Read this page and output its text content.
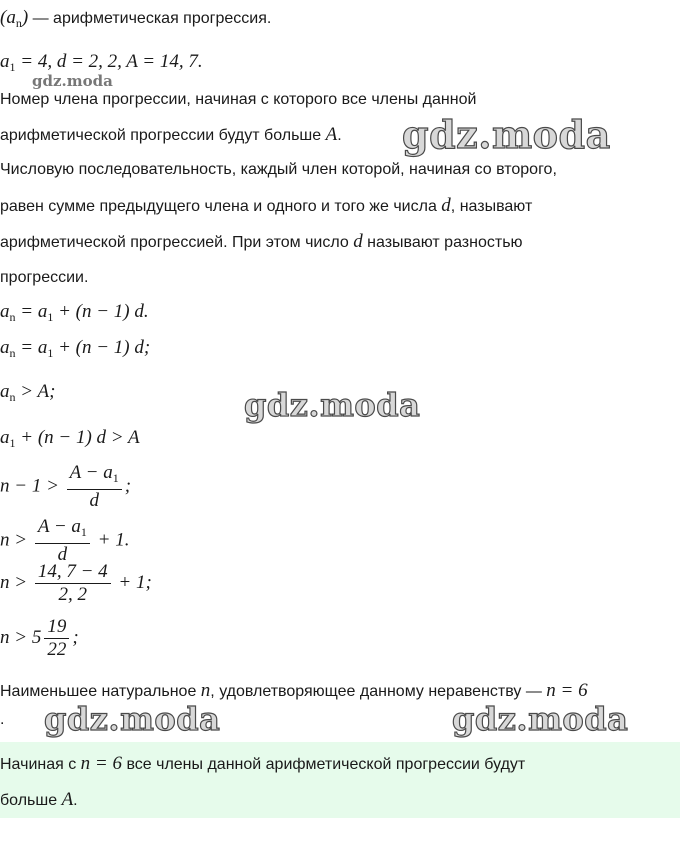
$(a_n)$ — арифметическая прогрессия.
$a_1 = 4$, d = 2, 2, A = 14, 7.
gdz.moda
Номер члена прогрессии, начиная с которого все члены данной
арифметической прогрессии будут больше A. gdz.moda
Числовую последовательность, каждый член которой, начиная со второго,
равен сумме предыдущего члена и одного и того же числа d, называют
арифметической прогрессией. При этом число d называют разностью
прогрессии.
$a_n = a_1 + (n - 1)$ d.
$a_n = a_1 + (n - 1)$ d;
$a_n > A$;	gdz.moda
$a_1 + (n - 1) d > A$
$n - 1 > \frac{A - a_1}{d}$ ;
$n > \frac{A - a_1}{d} + 1$.
$n > \frac{14, 7 - 4}{2, 2} + 1$;
$n > 5 \frac{19}{22}$ ;
Наименьшее натуральное n, удовлетворяющее данному неравенству — n = 6
. gdz.moda	gdz.moda
Начиная с n = 6 все члены данной арифметической прогрессии будут
больше A.
